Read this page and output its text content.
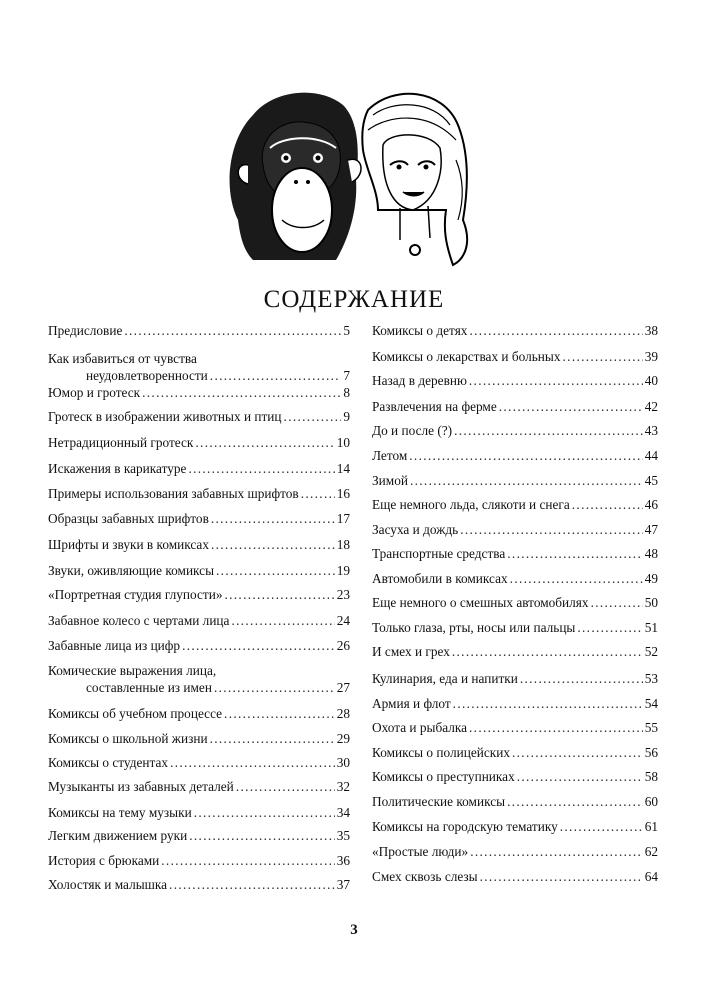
СОДЕРЖАНИЕ
Предисловие . . .	5
Как избавиться от чувства
неудовлетворенности . . .	7
Юмор и гротеск . . .	8
Гротеск в изображении животных и птиц . . .	9
Нетрадиционный гротеск . . .	10
Искажения в карикатуре . . .	14
Примеры использования забавных шрифтов . . .	16
Образцы забавных шрифтов . . .	17
Шрифты и звуки в комиксах . . .	18
Звуки, оживляющие комиксы . . .	19
«Портретная студия глупости» . . .	23
Забавное колесо с чертами лица . . .	24
Забавные лица из цифр . . .	26
Комические выражения лица,
составленные из имен . . .	27
Комиксы об учебном процессе . . .	28
Комиксы о школьной жизни . . .	29
Комиксы о студентах . . .	30
Музыканты из забавных деталей . . .	32
Комиксы на тему музыки . . .	34
Легким движением руки . . .	35
История с брюками . . .	36
Холостяк и малышка . . .	37
Комиксы о детях . . .	38
Комиксы о лекарствах и больных . . .	39
Назад в деревню . . .	40
Развлечения на ферме . . .	42
До и после (?) . . .	43
Летом . . .	44
Зимой . . .	45
Еще немного льда, слякоти и снега . . .	46
Засуха и дождь . . .	47
Транспортные средства . . .	48
Автомобили в комиксах . . .	49
Еще немного о смешных автомобилях . . .	50
Только глаза, рты, носы или пальцы . . .	51
И смех и грех . . .	52
Кулинария, еда и напитки . . .	53
Армия и флот . . .	54
Охота и рыбалка . . .	55
Комиксы о полицейских . . .	56
Комиксы о преступниках . . .	58
Политические комиксы . . .	60
Комиксы на городскую тематику . . .	61
«Простые люди» . . .	62
Смех сквозь слезы . . .	64
3
